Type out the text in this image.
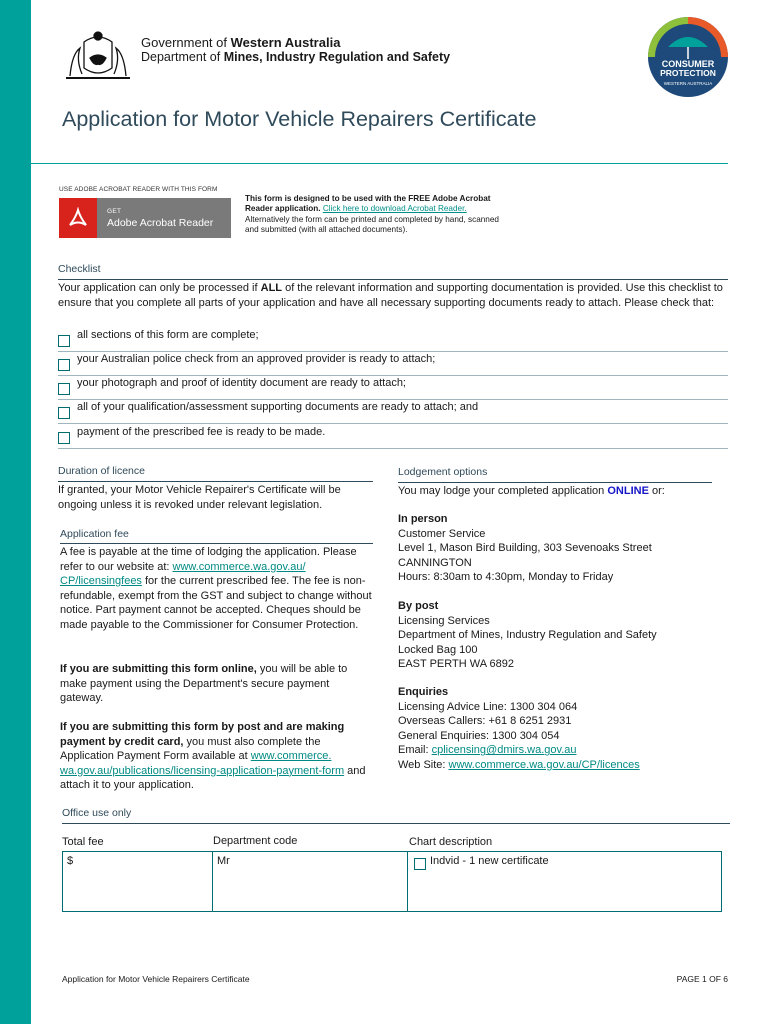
Government of Western Australia
Department of Mines, Industry Regulation and Safety	CONSUMER
PROTECTION
WESTERN AUSTRALIA
Application for Motor Vehicle Repairers Certificate
USE ADOBE ACROBAT READER WITH THIS FORM
GET
Adobe Acrobat Reader
This form is designed to be used with the FREE Adobe Acrobat Reader application. Click here to download Acrobat Reader. Alternatively the form can be printed and completed by hand, scanned and submitted (with all attached documents).
Checklist
Your application can only be processed if ALL of the relevant information and supporting documentation is provided. Use this checklist to ensure that you complete all parts of your application and have all necessary supporting documents ready to attach. Please check that:
all sections of this form are complete;
your Australian police check from an approved provider is ready to attach;
your photograph and proof of identity document are ready to attach;
all of your qualification/assessment supporting documents are ready to attach; and
payment of the prescribed fee is ready to be made.
Duration of licence
If granted, your Motor Vehicle Repairer's Certificate will be ongoing unless it is revoked under relevant legislation.
Application fee
A fee is payable at the time of lodging the application. Please refer to our website at: www.commerce.wa.gov.au/ CP/licensingfees for the current prescribed fee. The fee is non-refundable, exempt from the GST and subject to change without notice. Part payment cannot be accepted. Cheques should be made payable to the Commissioner for Consumer Protection.
If you are submitting this form online, you will be able to make payment using the Department's secure payment gateway.
If you are submitting this form by post and are making payment by credit card, you must also complete the Application Payment Form available at www.commerce. wa.gov.au/publications/licensing-application-payment-form and attach it to your application.
Lodgement options
You may lodge your completed application ONLINE or:
In person
Customer Service
Level 1, Mason Bird Building, 303 Sevenoaks Street
CANNINGTON
Hours: 8:30am to 4:30pm, Monday to Friday
By post
Licensing Services
Department of Mines, Industry Regulation and Safety
Locked Bag 100
EAST PERTH WA 6892
Enquiries
Licensing Advice Line: 1300 304 064
Overseas Callers: +61 8 6251 2931
General Enquiries: 1300 304 054
Email: cplicensing@dmirs.wa.gov.au
Web Site: www.commerce.wa.gov.au/CP/licences
Office use only
Total fee	Department code	Chart description
$	Mr	Indvid - 1 new certificate
Application for Motor Vehicle Repairers Certificate	PAGE 1 OF 6
